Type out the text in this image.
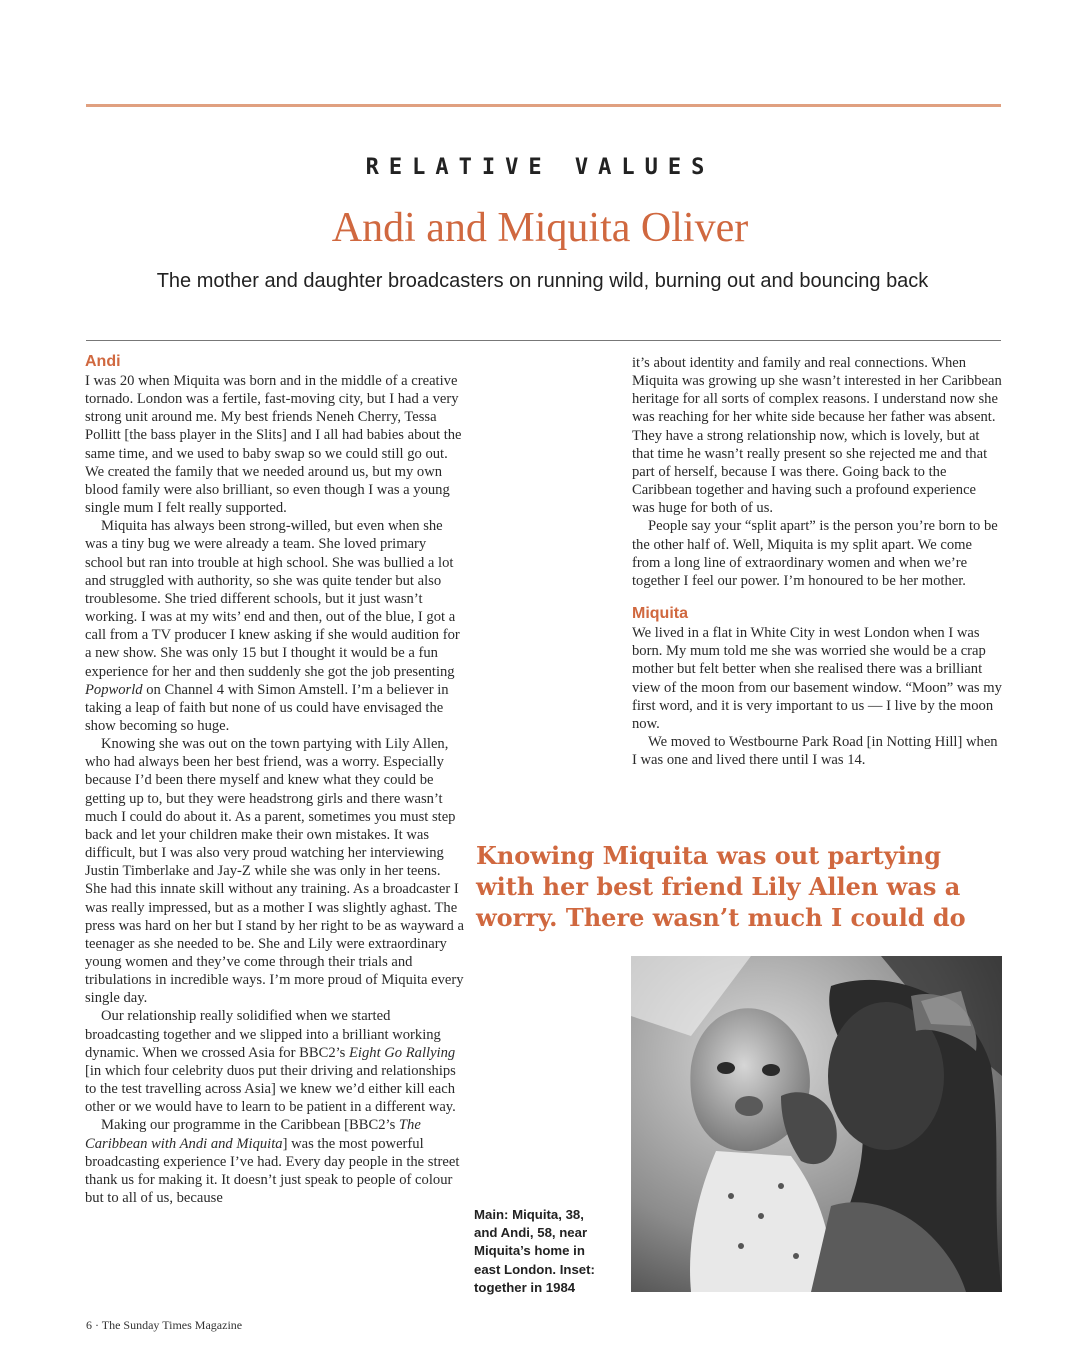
RELATIVE VALUES
Andi and Miquita Oliver
The mother and daughter broadcasters on running wild, burning out and bouncing back
Andi

I was 20 when Miquita was born and in the middle of a creative tornado. London was a fertile, fast-moving city, but I had a very strong unit around me. My best friends Neneh Cherry, Tessa Pollitt [the bass player in the Slits] and I all had babies about the same time, and we used to baby swap so we could still go out. We created the family that we needed around us, but my own blood family were also brilliant, so even though I was a young single mum I felt really supported.

Miquita has always been strong-willed, but even when she was a tiny bug we were already a team. She loved primary school but ran into trouble at high school. She was bullied a lot and struggled with authority, so she was quite tender but also troublesome. She tried different schools, but it just wasn’t working. I was at my wits’ end and then, out of the blue, I got a call from a TV producer I knew asking if she would audition for a new show. She was only 15 but I thought it would be a fun experience for her and then suddenly she got the job presenting Popworld on Channel 4 with Simon Amstell. I’m a believer in taking a leap of faith but none of us could have envisaged the show becoming so huge.

Knowing she was out on the town partying with Lily Allen, who had always been her best friend, was a worry. Especially because I’d been there myself and knew what they could be getting up to, but they were headstrong girls and there wasn’t much I could do about it. As a parent, sometimes you must step back and let your children make their own mistakes. It was difficult, but I was also very proud watching her interviewing Justin Timberlake and Jay-Z while she was only in her teens. She had this innate skill without any training. As a broadcaster I was really impressed, but as a mother I was slightly aghast. The press was hard on her but I stand by her right to be as wayward a teenager as she needed to be. She and Lily were extraordinary young women and they’ve come through their trials and tribulations in incredible ways. I’m more proud of Miquita every single day.

Our relationship really solidified when we started broadcasting together and we slipped into a brilliant working dynamic. When we crossed Asia for BBC2’s Eight Go Rallying [in which four celebrity duos put their driving and relationships to the test travelling across Asia] we knew we’d either kill each other or we would have to learn to be patient in a different way.

Making our programme in the Caribbean [BBC2’s The Caribbean with Andi and Miquita] was the most powerful broadcasting experience I’ve had. Every day people in the street thank us for making it. It doesn’t just speak to people of colour but to all of us, because

it’s about identity and family and real connections. When Miquita was growing up she wasn’t interested in her Caribbean heritage for all sorts of complex reasons. I understand now she was reaching for her white side because her father was absent. They have a strong relationship now, which is lovely, but at that time he wasn’t really present so she rejected me and that part of herself, because I was there. Going back to the Caribbean together and having such a profound experience was huge for both of us.

People say your “split apart” is the person you’re born to be the other half of. Well, Miquita is my split apart. We come from a long line of extraordinary women and when we’re together I feel our power. I’m honoured to be her mother.

Miquita

We lived in a flat in White City in west London when I was born. My mum told me she was worried she would be a crap mother but felt better when she realised there was a brilliant view of the moon from our basement window. “Moon” was my first word, and it is very important to us — I live by the moon now.

We moved to Westbourne Park Road [in Notting Hill] when I was one and lived there until I was 14.

Knowing Miquita was out partying with her best friend Lily Allen was a worry. There wasn’t much I could do
Main: Miquita, 38, and Andi, 58, near Miquita’s home in east London. Inset: together in 1984
6 · The Sunday Times Magazine
